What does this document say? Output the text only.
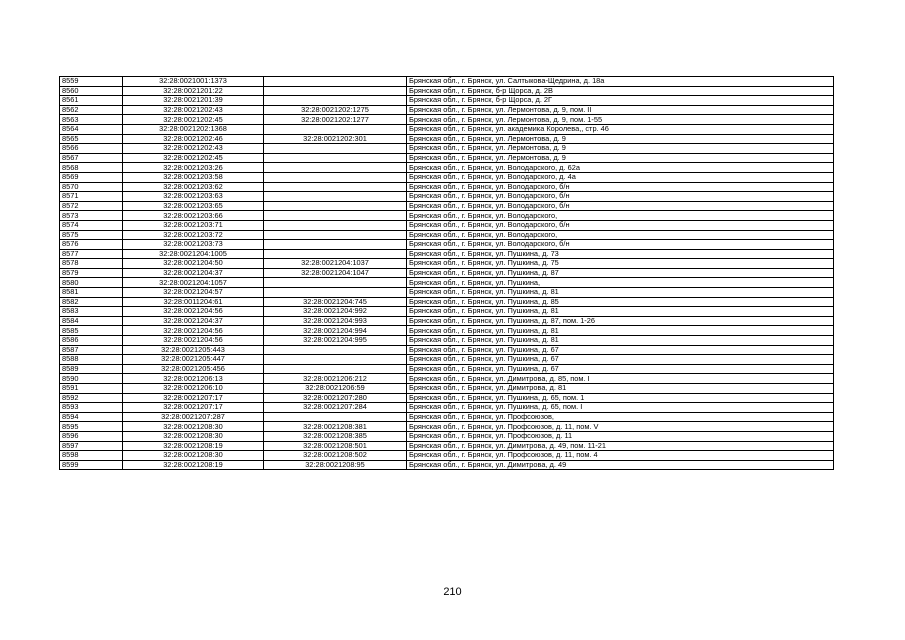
8559	32:28:0021001:1373		Брянская обл., г. Брянск, ул. Салтыкова-Щедрина, д. 18а
8560	32:28:0021201:22		Брянская обл., г. Брянск, б-р Щорса, д. 2В
8561	32:28:0021201:39		Брянская обл., г. Брянск, б-р Щорса, д. 2Г
8562	32:28:0021202:43	32:28:0021202:1275	Брянская обл., г. Брянск, ул. Лермонтова, д. 9, пом. II
8563	32:28:0021202:45	32:28:0021202:1277	Брянская обл., г. Брянск, ул. Лермонтова, д. 9, пом. 1-55
8564	32:28:0021202:1368		Брянская обл., г. Брянск, ул. академика Королева,, стр. 46
8565	32:28:0021202:46	32:28:0021202:301	Брянская обл., г. Брянск, ул. Лермонтова, д. 9
8566	32:28:0021202:43		Брянская обл., г. Брянск, ул. Лермонтова, д. 9
8567	32:28:0021202:45		Брянская обл., г. Брянск, ул. Лермонтова, д. 9
8568	32:28:0021203:26		Брянская обл., г. Брянск, ул. Володарского, д. 62а
8569	32:28:0021203:58		Брянская обл., г. Брянск, ул. Володарского, д. 4а
8570	32:28:0021203:62		Брянская обл., г. Брянск, ул. Володарского, б/н
8571	32:28:0021203:63		Брянская обл., г. Брянск, ул. Володарского, б/н
8572	32:28:0021203:65		Брянская обл., г. Брянск, ул. Володарского, б/н
8573	32:28:0021203:66		Брянская обл., г. Брянск, ул. Володарского,
8574	32:28:0021203:71		Брянская обл., г. Брянск, ул. Володарского, б/н
8575	32:28:0021203:72		Брянская обл., г. Брянск, ул. Володарского,
8576	32:28:0021203:73		Брянская обл., г. Брянск, ул. Володарского, б/н
8577	32:28:0021204:1005		Брянская обл., г. Брянск, ул. Пушкина, д. 73
8578	32:28:0021204:50	32:28:0021204:1037	Брянская обл., г. Брянск, ул. Пушкина, д. 75
8579	32:28:0021204:37	32:28:0021204:1047	Брянская обл., г. Брянск, ул. Пушкина, д. 87
8580	32:28:0021204:1057		Брянская обл., г. Брянск, ул. Пушкина,
8581	32:28:0021204:57		Брянская обл., г. Брянск, ул. Пушкина, д. 81
8582	32:28:0011204:61	32:28:0021204:745	Брянская обл., г. Брянск, ул. Пушкина, д. 85
8583	32:28:0021204:56	32:28:0021204:992	Брянская обл., г. Брянск, ул. Пушкина, д. 81
8584	32:28:0021204:37	32:28:0021204:993	Брянская обл., г. Брянск, ул. Пушкина, д. 87, пом. 1-26
8585	32:28:0021204:56	32:28:0021204:994	Брянская обл., г. Брянск, ул. Пушкина, д. 81
8586	32:28:0021204:56	32:28:0021204:995	Брянская обл., г. Брянск, ул. Пушкина, д. 81
8587	32:28:0021205:443		Брянская обл., г. Брянск, ул. Пушкина, д. 67
8588	32:28:0021205:447		Брянская обл., г. Брянск, ул. Пушкина, д. 67
8589	32:28:0021205:456		Брянская обл., г. Брянск, ул. Пушкина, д. 67
8590	32:28:0021206:13	32:28:0021206:212	Брянская обл., г. Брянск, ул. Димитрова, д. 85, пом. I
8591	32:28:0021206:10	32:28:0021206:59	Брянская обл., г. Брянск, ул. Димитрова, д. 81
8592	32:28:0021207:17	32:28:0021207:280	Брянская обл., г. Брянск, ул. Пушкина, д. 65, пом. 1
8593	32:28:0021207:17	32:28:0021207:284	Брянская обл., г. Брянск, ул. Пушкина, д. 65, пом. I
8594	32:28:0021207:287		Брянская обл., г. Брянск, ул. Профсоюзов,
8595	32:28:0021208:30	32:28:0021208:381	Брянская обл., г. Брянск, ул. Профсоюзов, д. 11, пом. V
8596	32:28:0021208:30	32:28:0021208:385	Брянская обл., г. Брянск, ул. Профсоюзов, д. 11
8597	32:28:0021208:19	32:28:0021208:501	Брянская обл., г. Брянск, ул. Димитрова, д. 49, пом. 11-21
8598	32:28:0021208:30	32:28:0021208:502	Брянская обл., г. Брянск, ул. Профсоюзов, д. 11, пом. 4
8599	32:28:0021208:19	32:28:0021208:95	Брянская обл., г. Брянск, ул. Димитрова, д. 49
210
